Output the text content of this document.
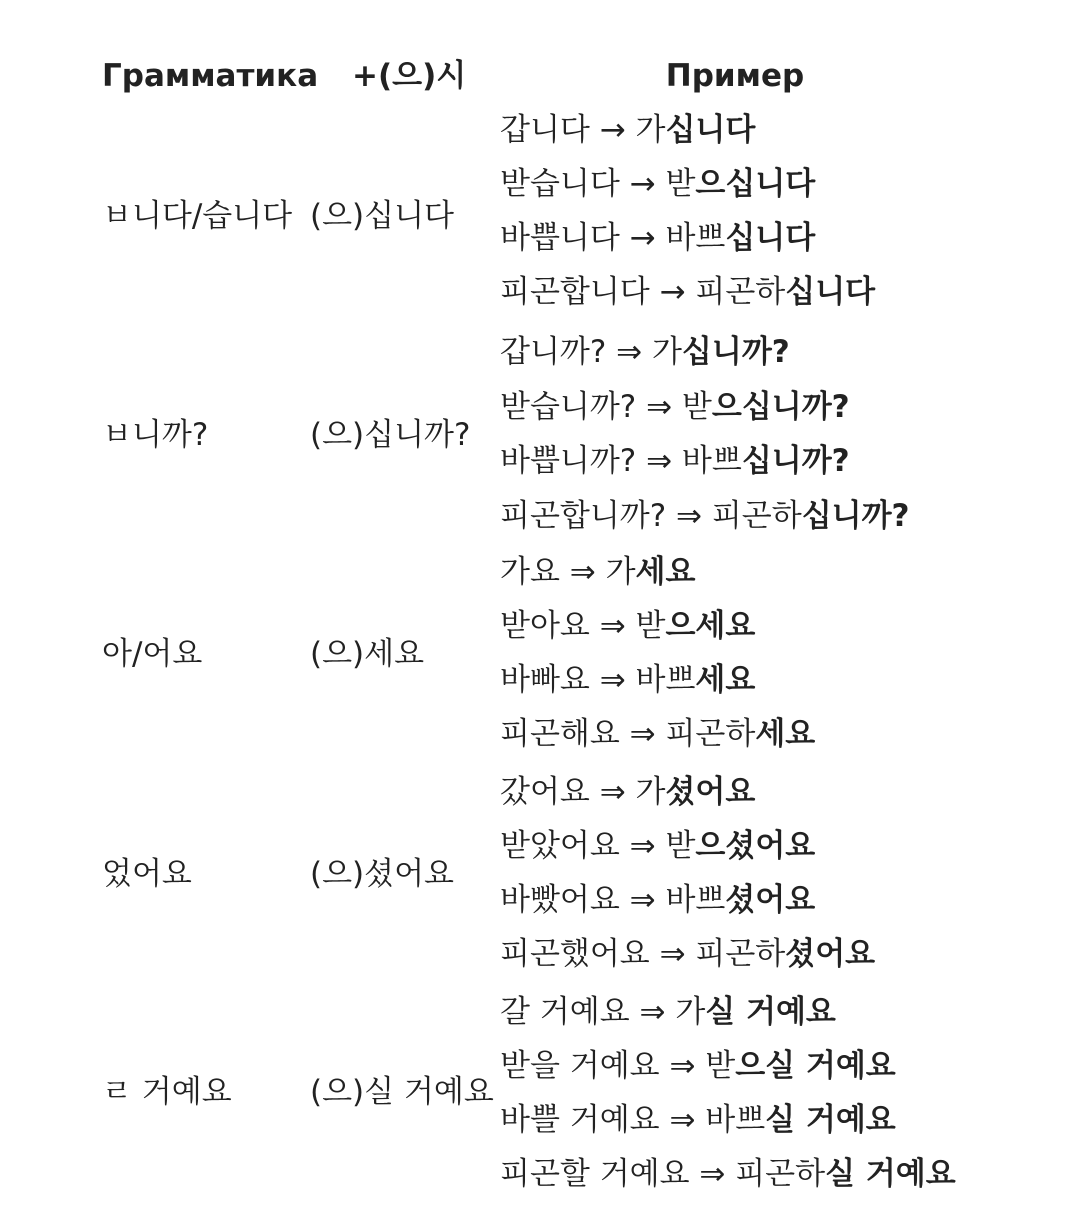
Грамматика +(으)시	Пример
ㅂ니다/습니다 (으)십니다
갑니다 → 가십니다
받습니다 → 받으십니다
바쁩니다 → 바쁘십니다
피곤합니다 → 피곤하십니다
ㅂ니까?	(으)십니까?
갑니까? ⇒ 가십니까?
받습니까? ⇒ 받으십니까?
바쁩니까? ⇒ 바쁘십니까?
피곤합니까? ⇒ 피곤하십니까?
아/어요	(으)세요
가요 ⇒ 가세요
받아요 ⇒ 받으세요
바빠요 ⇒ 바쁘세요
피곤해요 ⇒ 피곤하세요
었어요	(으)셨어요
갔어요 ⇒ 가셨어요
받았어요 ⇒ 받으셨어요
바빴어요 ⇒ 바쁘셨어요
피곤했어요 ⇒ 피곤하셨어요
ㄹ 거예요	(으)실 거예요
갈 거예요 ⇒ 가실 거예요
받을 거예요 ⇒ 받으실 거예요
바쁠 거예요 ⇒ 바쁘실 거예요
피곤할 거예요 ⇒ 피곤하실 거예요
